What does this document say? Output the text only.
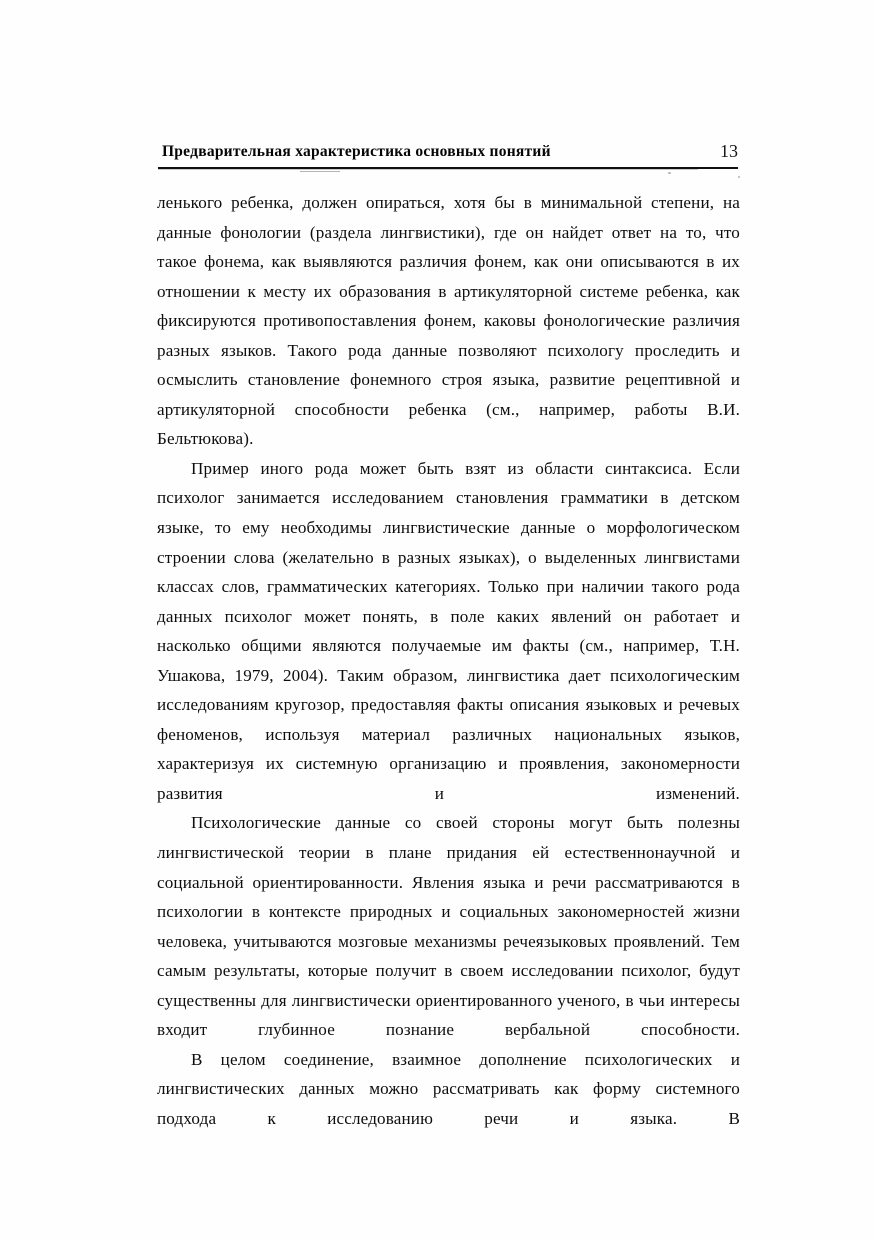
Предварительная характеристика основных понятий	13

ленького ребенка, должен опираться, хотя бы в минимальной степени, на данные фонологии (раздела лингвистики), где он найдет ответ на то, что такое фонема, как выявляются различия фонем, как они описываются в их отношении к месту их образования в артикуляторной системе ребенка, как фиксируются противопоставления фонем, каковы фонологические различия разных языков. Такого рода данные позволяют психологу проследить и осмыслить становление фонемного строя языка, развитие рецептивной и артикуляторной способности ребенка (см., например, работы В.И. Бельтюкова).

Пример иного рода может быть взят из области синтаксиса. Если психолог занимается исследованием становления грамматики в детском языке, то ему необходимы лингвистические данные о морфологическом строении слова (желательно в разных языках), о выделенных лингвистами классах слов, грамматических категориях. Только при наличии такого рода данных психолог может понять, в поле каких явлений он работает и насколько общими являются получаемые им факты (см., например, Т.Н. Ушакова, 1979, 2004). Таким образом, лингвистика дает психологическим исследованиям кругозор, предоставляя факты описания языковых и речевых феноменов, используя материал различных национальных языков, характеризуя их системную организацию и проявления, закономерности развития и изменений.

Психологические данные со своей стороны могут быть полезны лингвистической теории в плане придания ей естественнонаучной и социальной ориентированности. Явления языка и речи рассматриваются в психологии в контексте природных и социальных закономерностей жизни человека, учитываются мозговые механизмы речеязыковых проявлений. Тем самым результаты, которые получит в своем исследовании психолог, будут существенны для лингвистически ориентированного ученого, в чьи интересы входит глубинное познание вербальной способности.

В целом соединение, взаимное дополнение психологических и лингвистических данных можно рассматривать как форму системного подхода к исследованию речи и языка. В
